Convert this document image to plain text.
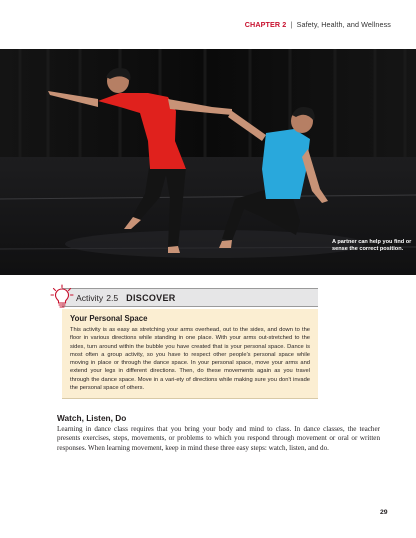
CHAPTER 2 | Safety, Health, and Wellness
A partner can help you find or sense the correct position.
Activity 2.5 DISCOVER
Your Personal Space

This activity is as easy as stretching your arms overhead, out to the sides, and down to the floor in various directions while standing in one place. With your arms out-stretched to the sides, turn around within the bubble you have created that is your personal space. Dance is most often a group activity, so you have to respect other people's personal space while moving in place or through the dance space. In your personal space, move your arms and extend your legs in different directions. Then, do these movements again as you travel through the dance space. Move in a vari-ety of directions while making sure you don't invade the personal space of others.

Watch, Listen, Do

Learning in dance class requires that you bring your body and mind to class. In dance classes, the teacher presents exercises, steps, movements, or problems to which you respond through movement or oral or written responses. When learning movement, keep in mind these three easy steps: watch, listen, and do.

29
